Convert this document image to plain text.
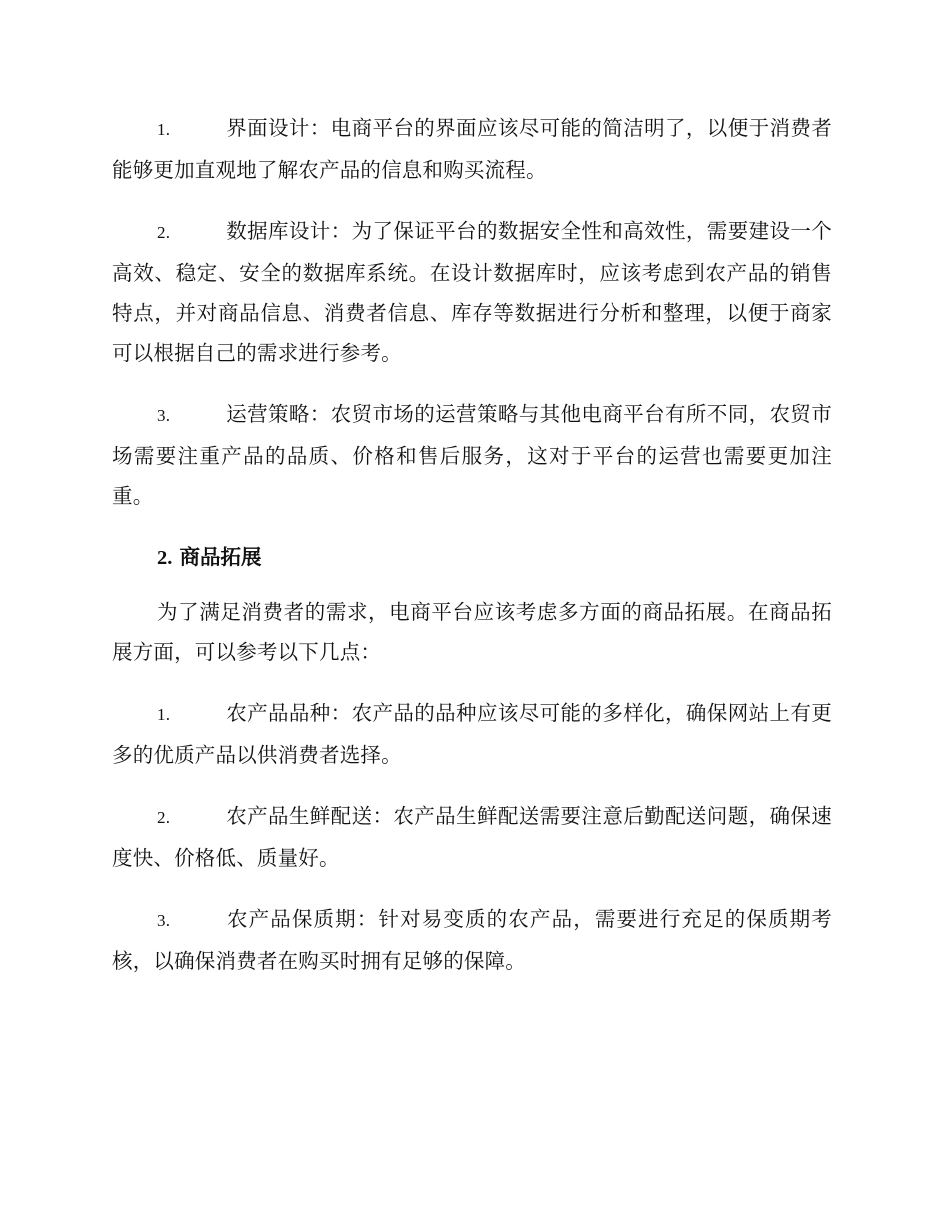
1.	界面设计：电商平台的界面应该尽可能的简洁明了，以便于消费者能够更加直观地了解农产品的信息和购买流程。

2.	数据库设计：为了保证平台的数据安全性和高效性，需要建设一个高效、稳定、安全的数据库系统。在设计数据库时，应该考虑到农产品的销售特点，并对商品信息、消费者信息、库存等数据进行分析和整理，以便于商家可以根据自己的需求进行参考。

3.	运营策略：农贸市场的运营策略与其他电商平台有所不同，农贸市场需要注重产品的品质、价格和售后服务，这对于平台的运营也需要更加注重。

2. 商品拓展

为了满足消费者的需求，电商平台应该考虑多方面的商品拓展。在商品拓展方面，可以参考以下几点：

1.	农产品品种：农产品的品种应该尽可能的多样化，确保网站上有更多的优质产品以供消费者选择。

2.	农产品生鲜配送：农产品生鲜配送需要注意后勤配送问题，确保速度快、价格低、质量好。

3.	农产品保质期：针对易变质的农产品，需要进行充足的保质期考核，以确保消费者在购买时拥有足够的保障。
